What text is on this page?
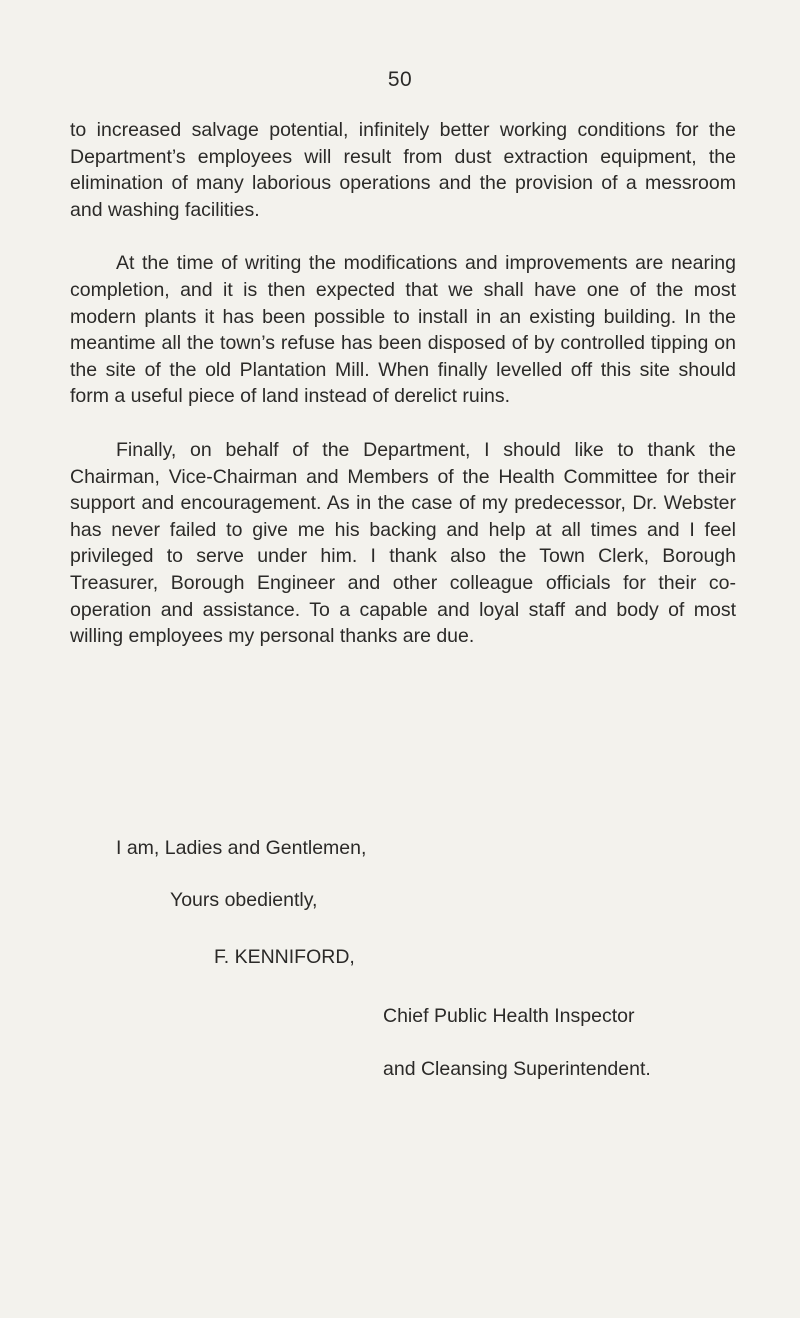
50

to increased salvage potential, infinitely better working conditions for the Department’s employees will result from dust extraction equipment, the elimination of many laborious operations and the provision of a messroom and washing facilities.

At the time of writing the modifications and improvements are nearing completion, and it is then expected that we shall have one of the most modern plants it has been possible to install in an existing building. In the meantime all the town’s refuse has been disposed of by controlled tipping on the site of the old Plantation Mill. When finally levelled off this site should form a useful piece of land instead of derelict ruins.

Finally, on behalf of the Department, I should like to thank the Chairman, Vice-Chairman and Members of the Health Committee for their support and encouragement. As in the case of my predecessor, Dr. Webster has never failed to give me his backing and help at all times and I feel privileged to serve under him. I thank also the Town Clerk, Borough Treasurer, Borough Engineer and other colleague officials for their co-operation and assistance. To a capable and loyal staff and body of most willing employees my personal thanks are due.

I am, Ladies and Gentlemen,
Yours obediently,
F. KENNIFORD,
Chief Public Health Inspector
and Cleansing Superintendent.
